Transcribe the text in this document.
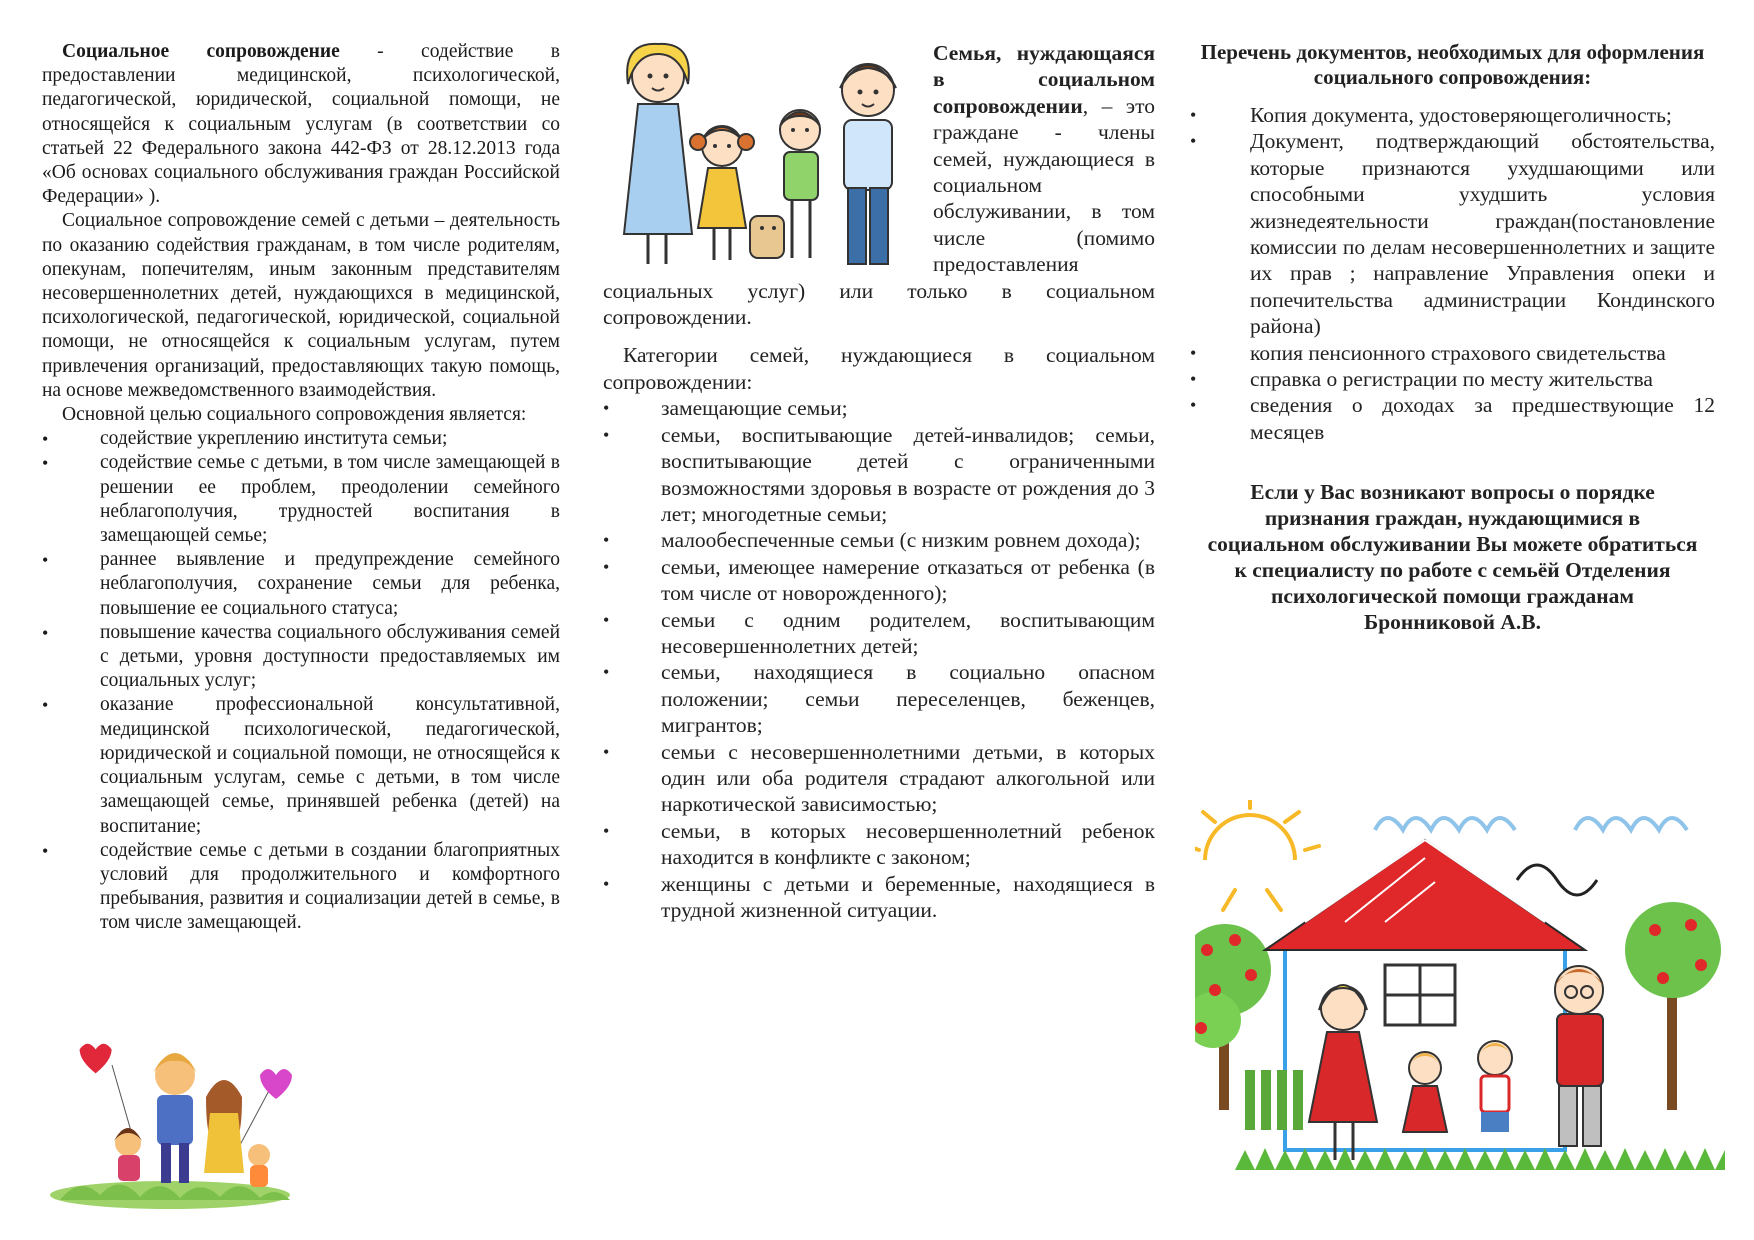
Социальное сопровождение - содействие в предоставлении медицинской, психологической, педагогической, юридической, социальной помощи, не относящейся к социальным услугам (в соответствии со статьей 22 Федерального закона 442-ФЗ от 28.12.2013 года «Об основах социального обслуживания граждан Российской Федерации» ).

Социальное сопровождение семей с детьми – деятельность по оказанию содействия гражданам, в том числе родителям, опекунам, попечителям, иным законным представителям несовершеннолетних детей, нуждающихся в медицинской, психологической, педагогической, юридической, социальной помощи, не относящейся к социальным услугам, путем привлечения организаций, предоставляющих такую помощь, на основе межведомственного взаимодействия.

Основной целью социального сопровождения является:

• содействие укреплению института семьи;
• содействие семье с детьми, в том числе замещающей в решении ее проблем, преодолении семейного неблагополучия, трудностей воспитания в замещающей семье;
• раннее выявление и предупреждение семейного неблагополучия, сохранение семьи для ребенка, повышение ее социального статуса;
• повышение качества социального обслуживания семей с детьми, уровня доступности предоставляемых им социальных услуг;
• оказание профессиональной консультативной, медицинской психологической, педагогической, юридической и социальной помощи, не относящейся к социальным услугам, семье с детьми, в том числе замещающей семье, принявшей ребенка (детей) на воспитание;
• содействие семье с детьми в создании благоприятных условий для продолжительного и комфортного пребывания, развития и социализации детей в семье, в том числе замещающей.

Семья, нуждающаяся в социальном сопровождении, – это граждане - члены семей, нуждающиеся в социальном обслуживании, в том числе (помимо предоставления социальных услуг) или только в социальном сопровождении.

Категории семей, нуждающиеся в социальном сопровождении:

• замещающие семьи;
• семьи, воспитывающие детей-инвалидов; семьи, воспитывающие детей с ограниченными возможностями здоровья в возрасте от рождения до 3 лет; многодетные семьи;
• малообеспеченные семьи (с низким ровнем дохода);
• семьи, имеющее намерение отказаться от ребенка (в том числе от новорожденного);
• семьи с одним родителем, воспитывающим несовершеннолетних детей;
• семьи, находящиеся в социально опасном положении; семьи переселенцев, беженцев, мигрантов;
• семьи с несовершеннолетними детьми, в которых один или оба родителя страдают алкогольной или наркотической зависимостью;
• семьи, в которых несовершеннолетний ребенок находится в конфликте с законом;
• женщины с детьми и беременные, находящиеся в трудной жизненной ситуации.
Перечень документов, необходимых для оформления социального сопровождения:
• Копия документа, удостоверяющеголичность;
• Документ, подтверждающий обстоятельства, которые признаются ухудшающими или способными ухудшить условия жизнедеятельности граждан(постановление комиссии по делам несовершеннолетних и защите их прав ; направление Управления опеки и попечительства администрации Кондинского района)
• копия пенсионного страхового свидетельства
• справка о регистрации по месту жительства
• сведения о доходах за предшествующие 12 месяцев
Если у Вас возникают вопросы о порядке признания граждан, нуждающимися в социальном обслуживании Вы можете обратиться к специалисту по работе с семьёй Отделения психологической помощи гражданам Бронниковой А.В.
